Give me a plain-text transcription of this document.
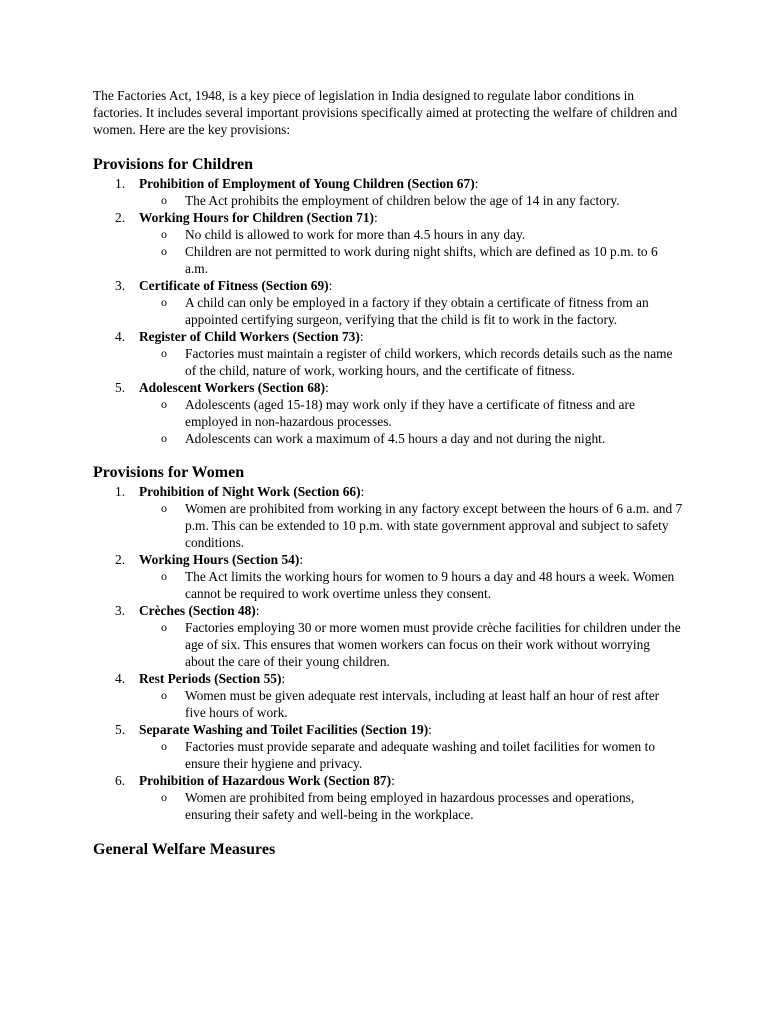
The Factories Act, 1948, is a key piece of legislation in India designed to regulate labor conditions in factories. It includes several important provisions specifically aimed at protecting the welfare of children and women. Here are the key provisions:

Provisions for Children
1. Prohibition of Employment of Young Children (Section 67):
o The Act prohibits the employment of children below the age of 14 in any factory.
2. Working Hours for Children (Section 71):
o No child is allowed to work for more than 4.5 hours in any day.
o Children are not permitted to work during night shifts, which are defined as 10 p.m. to 6 a.m.
3. Certificate of Fitness (Section 69):
o A child can only be employed in a factory if they obtain a certificate of fitness from an appointed certifying surgeon, verifying that the child is fit to work in the factory.
4. Register of Child Workers (Section 73):
o Factories must maintain a register of child workers, which records details such as the name of the child, nature of work, working hours, and the certificate of fitness.
5. Adolescent Workers (Section 68):
o Adolescents (aged 15-18) may work only if they have a certificate of fitness and are employed in non-hazardous processes.
o Adolescents can work a maximum of 4.5 hours a day and not during the night.
Provisions for Women
1. Prohibition of Night Work (Section 66):
o Women are prohibited from working in any factory except between the hours of 6 a.m. and 7 p.m. This can be extended to 10 p.m. with state government approval and subject to safety conditions.
2. Working Hours (Section 54):
o The Act limits the working hours for women to 9 hours a day and 48 hours a week. Women cannot be required to work overtime unless they consent.
3. Crèches (Section 48):
o Factories employing 30 or more women must provide crèche facilities for children under the age of six. This ensures that women workers can focus on their work without worrying about the care of their young children.
4. Rest Periods (Section 55):
o Women must be given adequate rest intervals, including at least half an hour of rest after five hours of work.
5. Separate Washing and Toilet Facilities (Section 19):
o Factories must provide separate and adequate washing and toilet facilities for women to ensure their hygiene and privacy.
6. Prohibition of Hazardous Work (Section 87):
o Women are prohibited from being employed in hazardous processes and operations, ensuring their safety and well-being in the workplace.
General Welfare Measures
